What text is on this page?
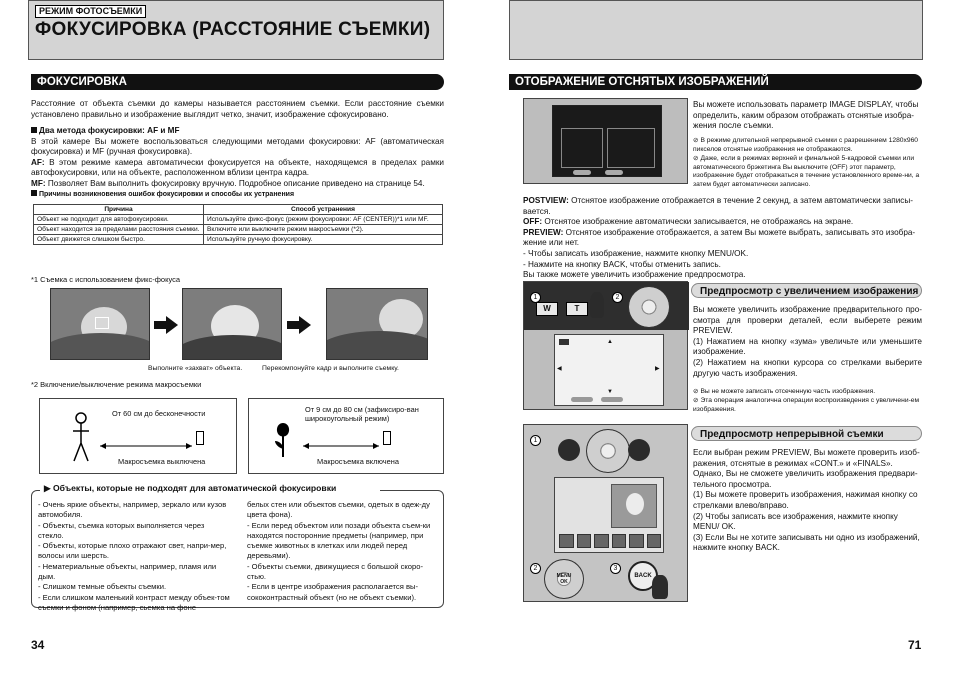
РЕЖИМ ФОТОСЪЕМКИ
ФОКУСИРОВКА (РАССТОЯНИЕ СЪЕМКИ)
ФОКУСИРОВКА
Расстояние от объекта съемки до камеры называется расстоянием съемки. Если расстояние съемки установлено правильно и изображение выглядит четко, значит, изображение сфокусировано.
Два метода фокусировки: AF и MF
В этой камере Вы можете воспользоваться следующими методами фокусировки: AF (автоматическая фокусировка) и MF (ручная фокусировка).
AF: В этом режиме камера автоматически фокусируется на объекте, находящемся в пределах рамки автофокусировки, или на объекте, расположенном вблизи центра кадра.
MF: Позволяет Вам выполнить фокусировку вручную. Подробное описание приведено на странице 54.
Причины возникновения ошибок фокусировки и способы их устранения
Причина	Способ устранения
Объект не подходит для автофокусировки.	Используйте фикс-фокус (режим фокусировки: AF (CENTER))*1 или MF.
Объект находится за пределами расстояния съемки.	Включите или выключите режим макросъемки (*2).
Объект движется слишком быстро.	Используйте ручную фокусировку.
*1 Съемка с использованием фикс-фокуса
Выполните «захват» объекта.	Перекомпонуйте кадр и выполните съемку.
*2 Включение/выключение режима макросъемки
От 60 см до бесконечности
Макросъемка выключена
От 9 см до 80 см (зафиксиро-ван широкоугольный режим)
Макросъемка включена
▶ Объекты, которые не подходят для автоматической фокусировки
- Очень яркие объекты, например, зеркало или кузов автомобиля.
- Объекты, съемка которых выполняется через стекло.
- Объекты, которые плохо отражают свет, напри-мер, волосы или шерсть.
- Нематериальные объекты, например, пламя или дым.
- Слишком темные объекты съемки.
- Если слишком маленький контраст между объек-том съемки и фоном (например, сьемка на фоне
белых стен или объектов съемки, одетых в одеж-ду цвета фона).
- Если перед объектом или позади объекта съем-ки находятся посторонние предметы (например, при съемке животных в клетках или людей перед деревьями).
- Объекты съемки, движущиеся с большой скоро-стью.
- Если в центре изображения располагается вы-сококонтрастный объект (но не объект съемки).
34
ОТОБРАЖЕНИЕ ОТСНЯТЫХ ИЗОБРАЖЕНИЙ
Вы можете использовать параметр IMAGE DISPLAY, чтобы определить, каким образом отображать отснятые изобра-жения после съемки.
⊘ В режиме длительной непрерывной съемки с разрешением 1280x960 пикселов отснятые изображения не отображаются.
⊘ Даже, если в режимах верхней и финальной 5-кадровой съемки или автоматического брэкетинга Вы выключите (OFF) этот параметр, изображение будет отображаться в течение установленного време-ни, а затем будет автоматически записано.
POSTVIEW: Отснятое изображение отображается в течение 2 секунд, а затем автоматически записы-вается.
OFF: Отснятое изображение автоматически записывается, не отображаясь на экране.
PREVIEW: Отснятое изображение отображается, а затем Вы можете выбрать, записывать это изобра-жение или нет.
- Чтобы записать изображение, нажмите кнопку MENU/OK.
- Нажмите на кнопку BACK, чтобы отменить запись.
Вы также можете увеличить изображение предпросмотра.
1
W	T
2
▲
◀	▶
▼
Предпросмотр с увеличением изображения
Вы можете увеличить изображение предварительного про-смотра для проверки деталей, если выберете режим PREVIEW.
(1) Нажатием на кнопку «зума» увеличьте или уменьшите изображение.
(2) Нажатием на кнопки курсора со стрелками выберите другую часть изображения.
⊘ Вы не можете записать отсеченную часть изображения.
⊘ Эта операция аналогична операции воспроизведения с увеличени-ем изображения.
1
2
MENU OK
3
BACK
Предпросмотр непрерывной съемки
Если выбран режим PREVIEW, Вы можете проверить изоб-ражения, отснятые в режимах «CONT.» и «FINALS».
Однако, Вы не сможете увеличить изображения предвари-тельного просмотра.
(1) Вы можете проверить изображения, нажимая кнопку со стрелками влево/вправо.
(2) Чтобы записать все изображения, нажмите кнопку MENU/ OK.
(3) Если Вы не хотите записывать ни одно из изображений, нажмите кнопку BACK.
71
